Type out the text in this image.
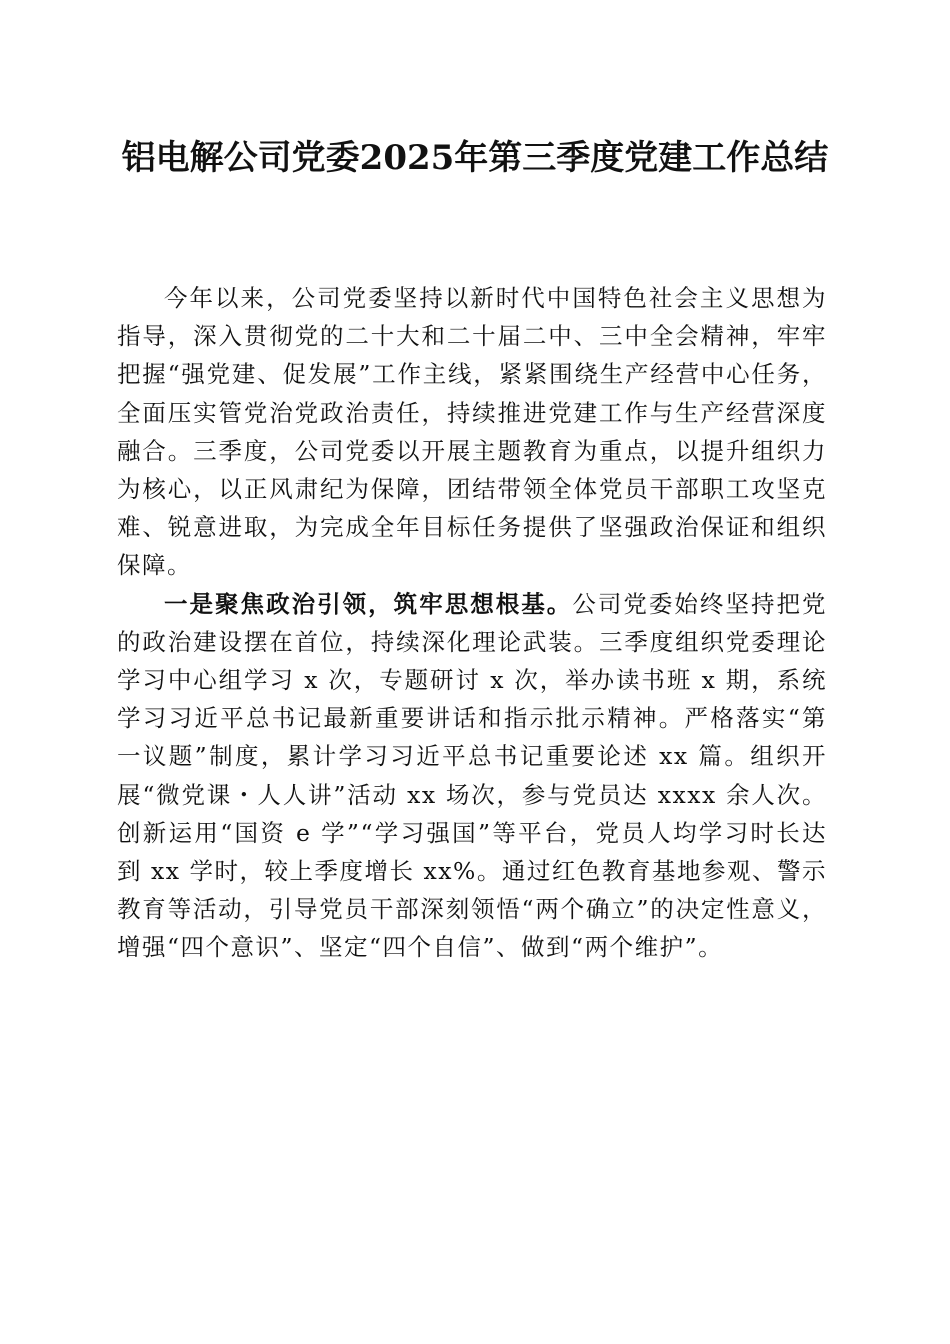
铝电解公司党委2025年第三季度党建工作总结

今年以来，公司党委坚持以新时代中国特色社会主义思想为指导，深入贯彻党的二十大和二十届二中、三中全会精神，牢牢把握“强党建、促发展”工作主线，紧紧围绕生产经营中心任务，全面压实管党治党政治责任，持续推进党建工作与生产经营深度融合。三季度，公司党委以开展主题教育为重点，以提升组织力为核心，以正风肃纪为保障，团结带领全体党员干部职工攻坚克难、锐意进取，为完成全年目标任务提供了坚强政治保证和组织保障。

一是聚焦政治引领，筑牢思想根基。公司党委始终坚持把党的政治建设摆在首位，持续深化理论武装。三季度组织党委理论学习中心组学习 x 次，专题研讨 x 次，举办读书班 x 期，系统学习习近平总书记最新重要讲话和指示批示精神。严格落实“第一议题”制度，累计学习习近平总书记重要论述 xx 篇。组织开展“微党课・人人讲”活动 xx 场次，参与党员达 xxxx 余人次。创新运用“国资 e 学”“学习强国”等平台，党员人均学习时长达到 xx 学时，较上季度增长 xx%。通过红色教育基地参观、警示教育等活动，引导党员干部深刻领悟“两个确立”的决定性意义，增强“四个意识”、坚定“四个自信”、做到“两个维护”。
